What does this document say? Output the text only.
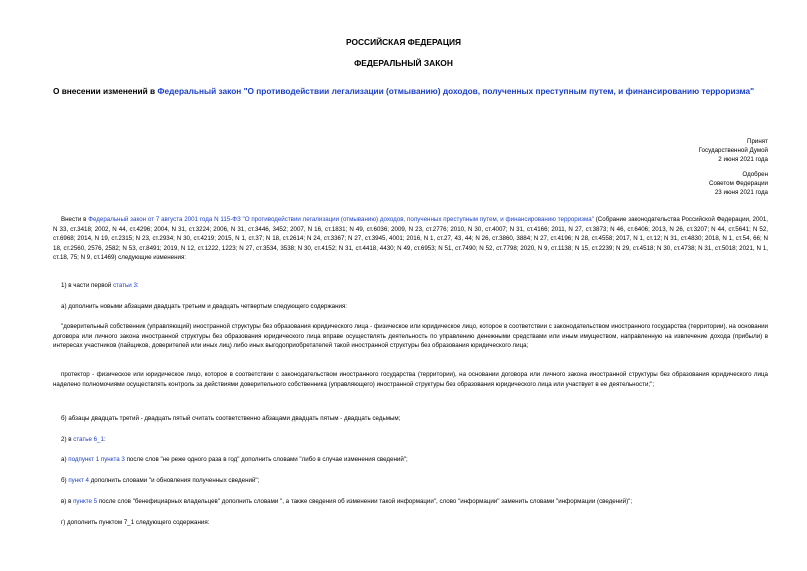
РОССИЙСКАЯ ФЕДЕРАЦИЯ
ФЕДЕРАЛЬНЫЙ ЗАКОН
О внесении изменений в Федеральный закон "О противодействии легализации (отмыванию) доходов, полученных преступным путем, и финансированию терроризма"
Принят
Государственной Думой
2 июня 2021 года
Одобрен
Советом Федерации
23 июня 2021 года
Внести в Федеральный закон от 7 августа 2001 года N 115-ФЗ "О противодействии легализации (отмыванию) доходов, полученных преступным путем, и финансированию терроризма" (Собрание законодательства Российской Федерации, 2001, N 33, ст.3418; 2002, N 44, ст.4296; 2004, N 31, ст.3224; 2006, N 31, ст.3446, 3452; 2007, N 16, ст.1831; N 49, ст.6036; 2009, N 23, ст.2776; 2010, N 30, ст.4007; N 31, ст.4166; 2011, N 27, ст.3873; N 46, ст.6406; 2013, N 26, ст.3207; N 44, ст.5641; N 52, ст.6968; 2014, N 19, ст.2315; N 23, ст.2934; N 30, ст.4219; 2015, N 1, ст.37; N 18, ст.2614; N 24, ст.3367; N 27, ст.3945, 4001; 2016, N 1, ст.27, 43, 44; N 26, ст.3860, 3884; N 27, ст.4196; N 28, ст.4558; 2017, N 1, ст.12; N 31, ст.4830; 2018, N 1, ст.54, 66; N 18, ст.2560, 2576, 2582; N 53, ст.8491; 2019, N 12, ст.1222, 1223; N 27, ст.3534, 3538; N 30, ст.4152; N 31, ст.4418, 4430; N 49, ст.6953; N 51, ст.7490; N 52, ст.7798; 2020, N 9, ст.1138; N 15, ст.2239; N 29, ст.4518; N 30, ст.4738; N 31, ст.5018; 2021, N 1, ст.18, 75; N 9, ст.1469) следующие изменения:
1) в части первой статьи 3:
а) дополнить новыми абзацами двадцать третьим и двадцать четвертым следующего содержания:
"доверительный собственник (управляющий) иностранной структуры без образования юридического лица - физическое или юридическое лицо, которое в соответствии с законодательством иностранного государства (территории), на основании договора или личного закона иностранной структуры без образования юридического лица вправе осуществлять деятельность по управлению денежными средствами или иным имуществом, направленную на извлечение дохода (прибыли) в интересах участников (пайщиков, доверителей или иных лиц) либо иных выгодоприобретателей такой иностранной структуры без образования юридического лица;
протектор - физическое или юридическое лицо, которое в соответствии с законодательством иностранного государства (территории), на основании договора или личного закона иностранной структуры без образования юридического лица наделено полномочиями осуществлять контроль за действиями доверительного собственника (управляющего) иностранной структуры без образования юридического лица или участвует в ее деятельности;";
б) абзацы двадцать третий - двадцать пятый считать соответственно абзацами двадцать пятым - двадцать седьмым;
2) в статье 6_1:
а) подпункт 1 пункта 3 после слов "не реже одного раза в год" дополнить словами "либо в случае изменения сведений";
б) пункт 4 дополнить словами "и обновления полученных сведений";
в) в пункте 5 после слов "бенефициарных владельцев" дополнить словами ", а также сведения об изменении такой информации", слово "информации" заменить словами "информации (сведений)";
г) дополнить пунктом 7_1 следующего содержания:
